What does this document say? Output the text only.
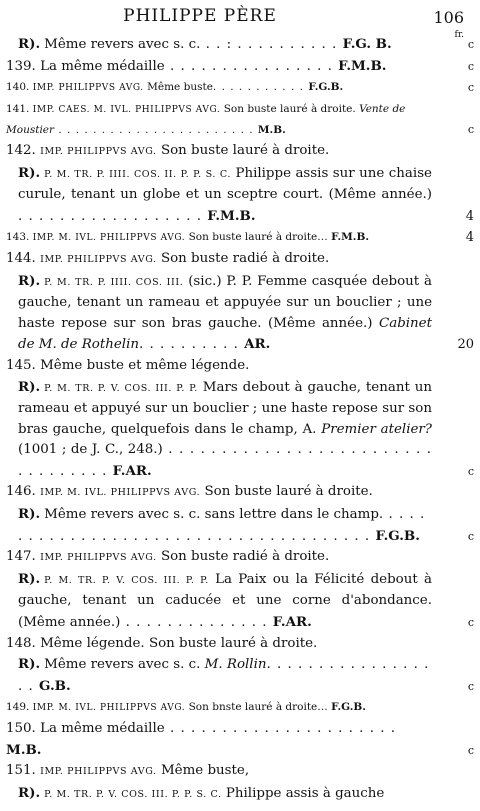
PHILIPPE PÈRE	106
fr.
R). Même revers avec s. c. . . : . . . . . . . . . . F.G. B.	c
139. La même médaille . . . . . . . . . . . . . . . . F.M.B.	c
140. IMP. PHILIPPVS AVG. Même buste. . . . . . . . . . . F.G.B.	c
141. IMP. CAES. M. IVL. PHILIPPVS AVG. Son buste lauré à droite. Vente de Moustier . . . . . . . . . . . . . . . . . . . . . . . M.B.	c
142. IMP. PHILIPPVS AVG. Son buste lauré à droite.
R). P. M. TR. P. IIII. COS. II. P. P. S. C. Philippe assis sur une chaise curule, tenant un globe et un sceptre court. (Même année.) . . . . . . . . . . . . . . . . . . F.M.B.	4
143. IMP. M. IVL. PHILIPPVS AVG. Son buste lauré à droite… F.M.B.	4
144. IMP. PHILIPPVS AVG. Son buste radié à droite.
R). P. M. TR. P. IIII. COS. III. (sic.) P. P. Femme casquée debout à gauche, tenant un rameau et appuyée sur un bouclier ; une haste repose sur son bras gauche. (Même année.) Cabinet de M. de Rothelin. . . . . . . . . . AR.	20
145. Même buste et même légende.
R). P. M. TR. P. V. COS. III. P. P. Mars debout à gauche, tenant un rameau et appuyé sur un bouclier ; une haste repose sur son bras gauche, quelquefois dans le champ, A. Premier atelier? (1001 ; de J. C., 248.) . . . . . . . . . . . . . . . . . . . . . . . . . . . . . . . . . . F.AR.	c
146. IMP. M. IVL. PHILIPPVS AVG. Son buste lauré à droite.
R). Même revers avec s. c. sans lettre dans le champ. . . . . . . . . . . . . . . . . . . . . . . . . . . . . . . . . . . . . . . F.G.B.	c
147. IMP. PHILIPPVS AVG. Son buste radié à droite.
R). P. M. TR. P. V. COS. III. P. P. La Paix ou la Félicité debout à gauche, tenant un caducée et une corne d'abondance. (Même année.) . . . . . . . . . . . . . . F.AR.	c
148. Même légende. Son buste lauré à droite.
R). Même revers avec s. c. M. Rollin. . . . . . . . . . . . . . . . . . G.B.	c
149. IMP. M. IVL. PHILIPPVS AVG. Son bnste lauré à droite… F.G.B.
150. La même médaille . . . . . . . . . . . . . . . . . . . . . . M.B.	c
151. IMP. PHILIPPVS AVG. Même buste,
R). P. M. TR. P. V. COS. III. P. P. S. C. Philippe assis à gauche
